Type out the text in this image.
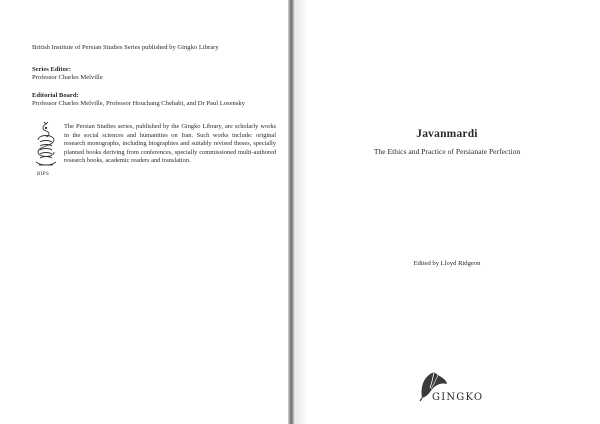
British Institute of Persian Studies Series published by Gingko Library
Series Editor:
Professor Charles Melville
Editorial Board:
Professor Charles Melville, Professor Houchang Chehabi, and Dr Paul Losensky
BIPS
The Persian Studies series, published by the Gingko Library, are scholarly works in the social sciences and humanities on Iran. Such works include: original research monographs, including biographies and suitably revised theses, specially planned books deriving from conferences, specially commissioned multi-authored research books, academic readers and translation.
Javanmardi
The Ethics and Practice of Persianate Perfection
Edited by Lloyd Ridgeon
GINGKO
